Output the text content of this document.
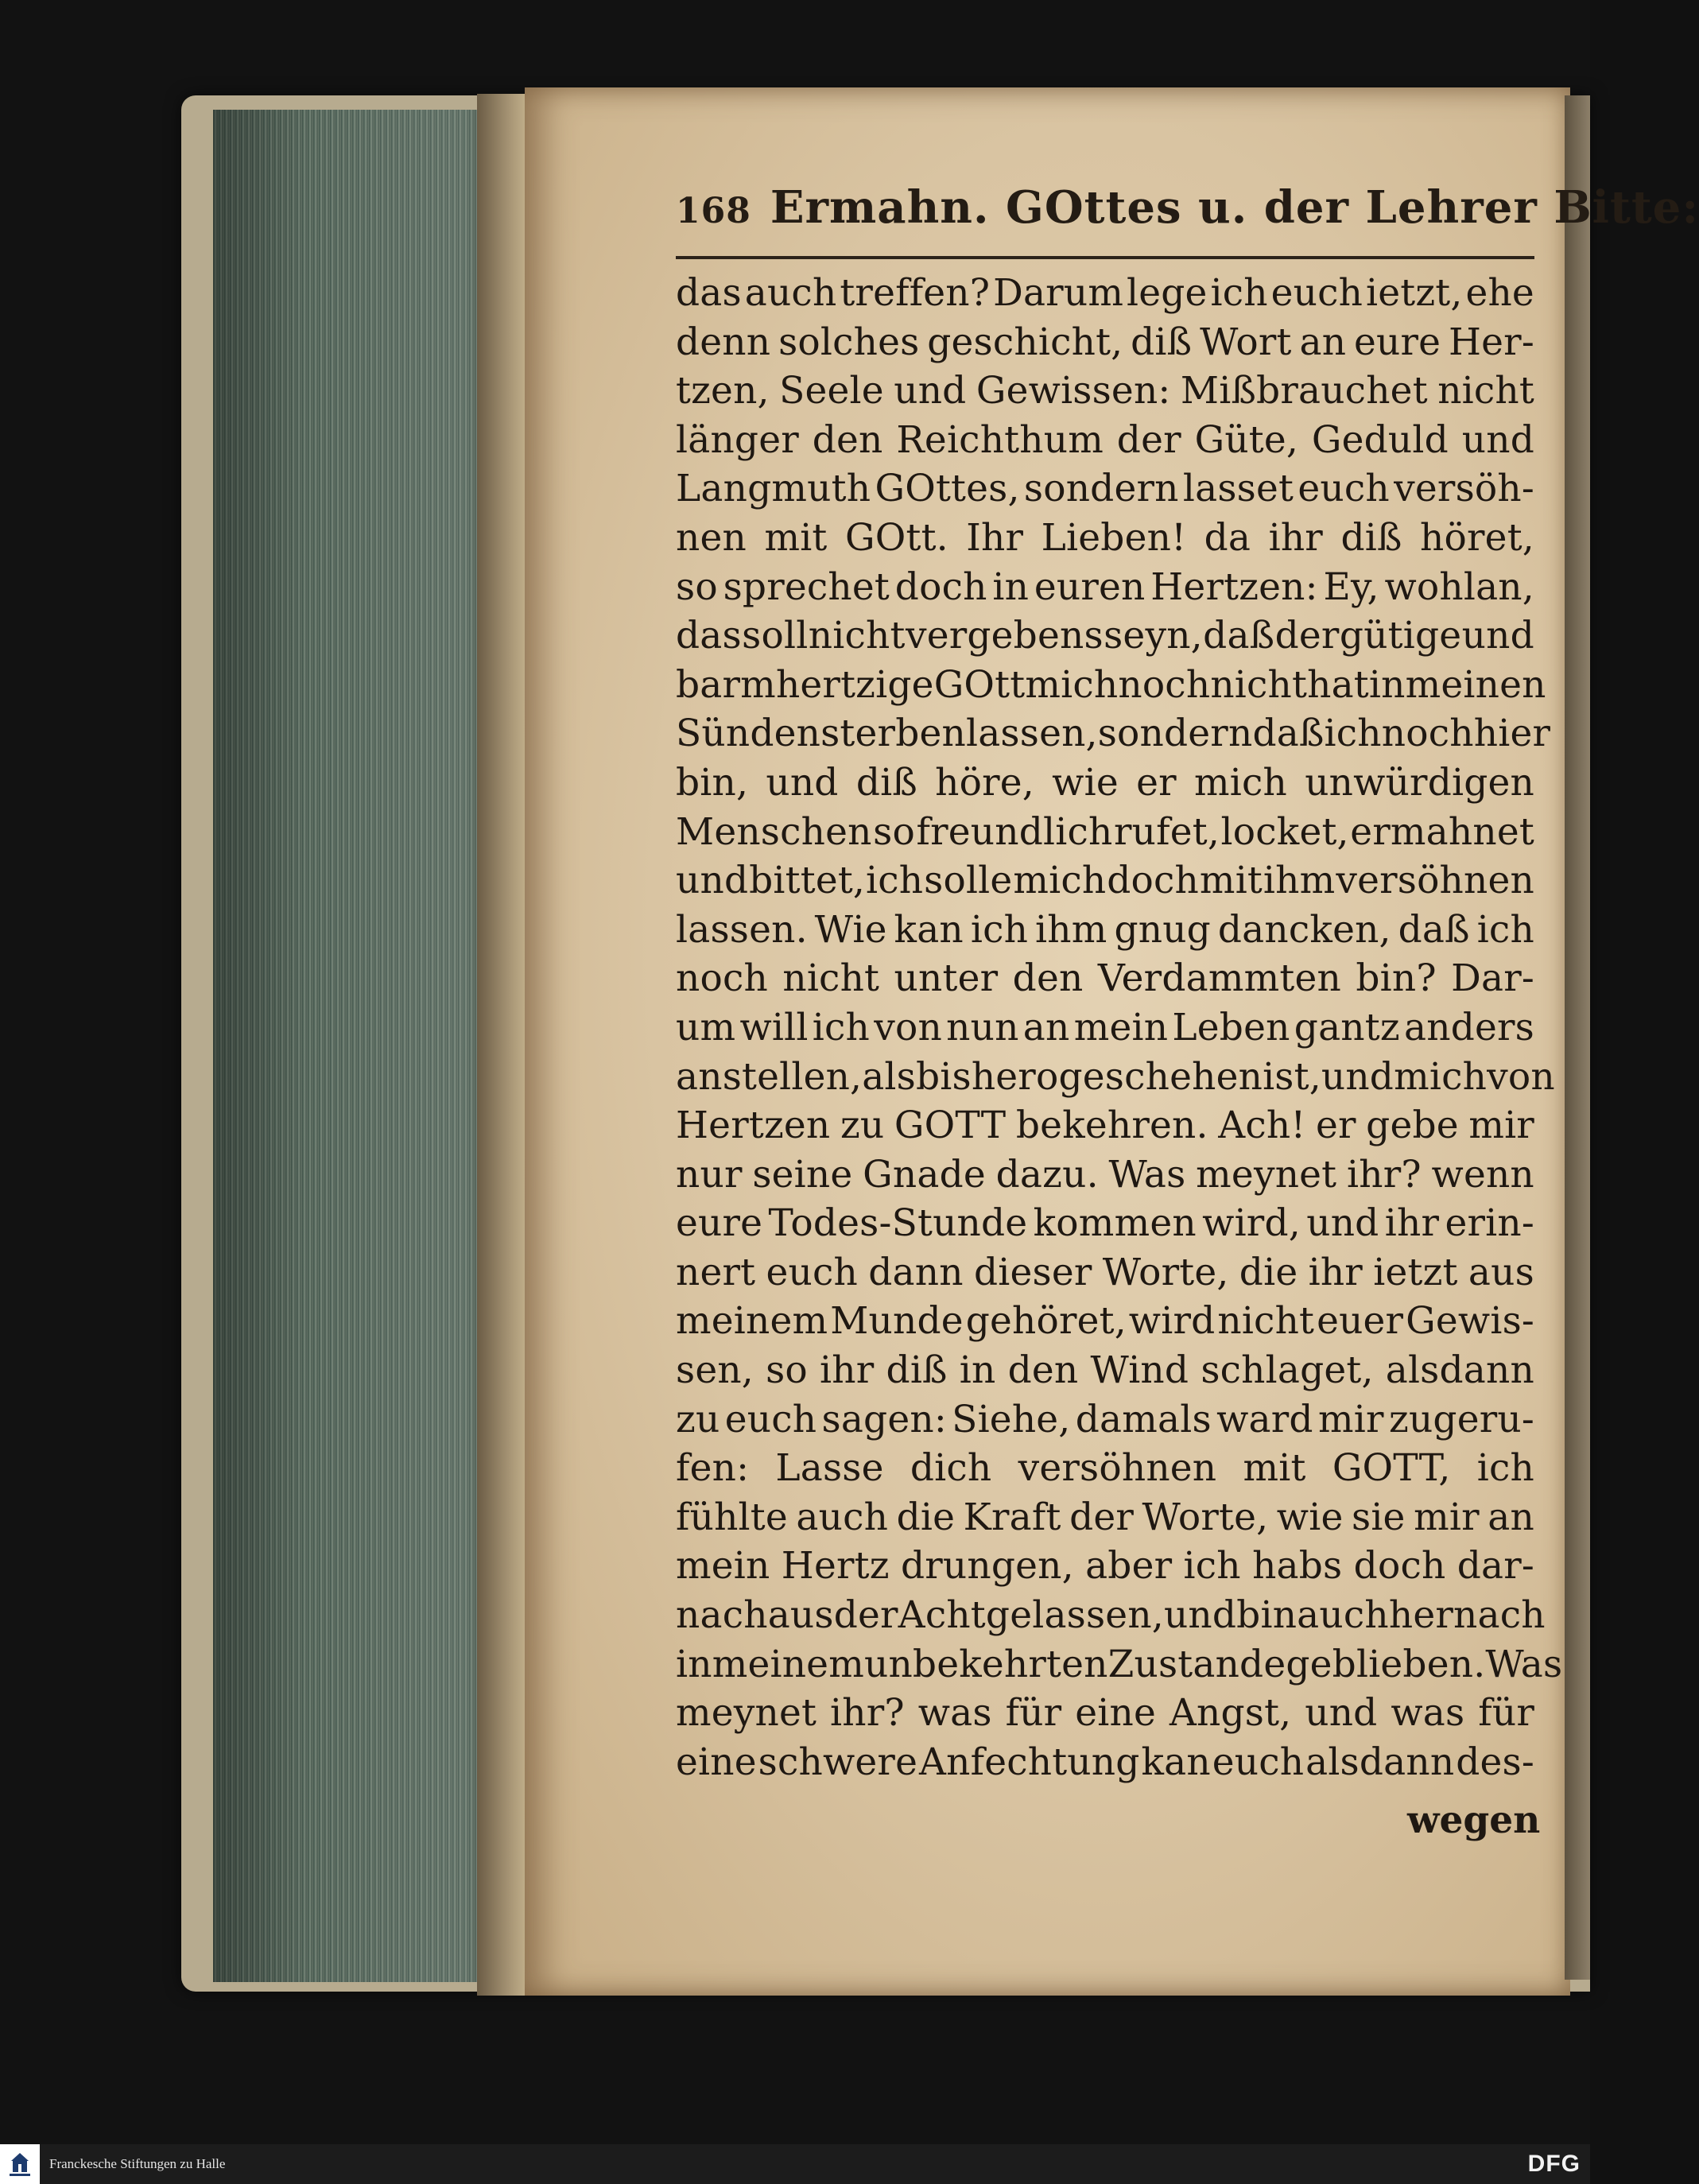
168 Ermahn. GOttes u. der Lehrer Bitte:
das auch treffen? Darum lege ich euch ietzt, ehe
denn solches geschicht, diß Wort an eure Her-
tzen, Seele und Gewissen: Mißbrauchet nicht
länger den Reichthum der Güte, Geduld und
Langmuth GOttes, sondern lasset euch versöh-
nen mit GOtt. Ihr Lieben! da ihr diß höret,
so sprechet doch in euren Hertzen: Ey, wohlan,
das soll nicht vergebens seyn, daß der gütige und
barmhertzige GOtt mich noch nicht hat in meinen
Sünden sterben lassen, sondern daß ich noch hier
bin, und diß höre, wie er mich unwürdigen
Menschen so freundlich rufet, locket, ermahnet
und bittet, ich solle mich doch mit ihm versöhnen
lassen. Wie kan ich ihm gnug dancken, daß ich
noch nicht unter den Verdammten bin? Dar-
um will ich von nun an mein Leben gantz anders
anstellen, als bishero geschehen ist, und mich von
Hertzen zu GOTT bekehren. Ach! er gebe mir
nur seine Gnade dazu. Was meynet ihr? wenn
eure Todes-Stunde kommen wird, und ihr erin-
nert euch dann dieser Worte, die ihr ietzt aus
meinem Munde gehöret, wird nicht euer Gewis-
sen, so ihr diß in den Wind schlaget, alsdann
zu euch sagen: Siehe, damals ward mir zugeru-
fen: Lasse dich versöhnen mit GOTT, ich
fühlte auch die Kraft der Worte, wie sie mir an
mein Hertz drungen, aber ich habs doch dar-
nach aus der Acht gelassen, und bin auch hernach
in meinem unbekehrten Zustande geblieben. Was
meynet ihr? was für eine Angst, und was für
eine schwere Anfechtung kan euch alsdann des-
wegen
Franckesche Stiftungen zu Halle	DFG
